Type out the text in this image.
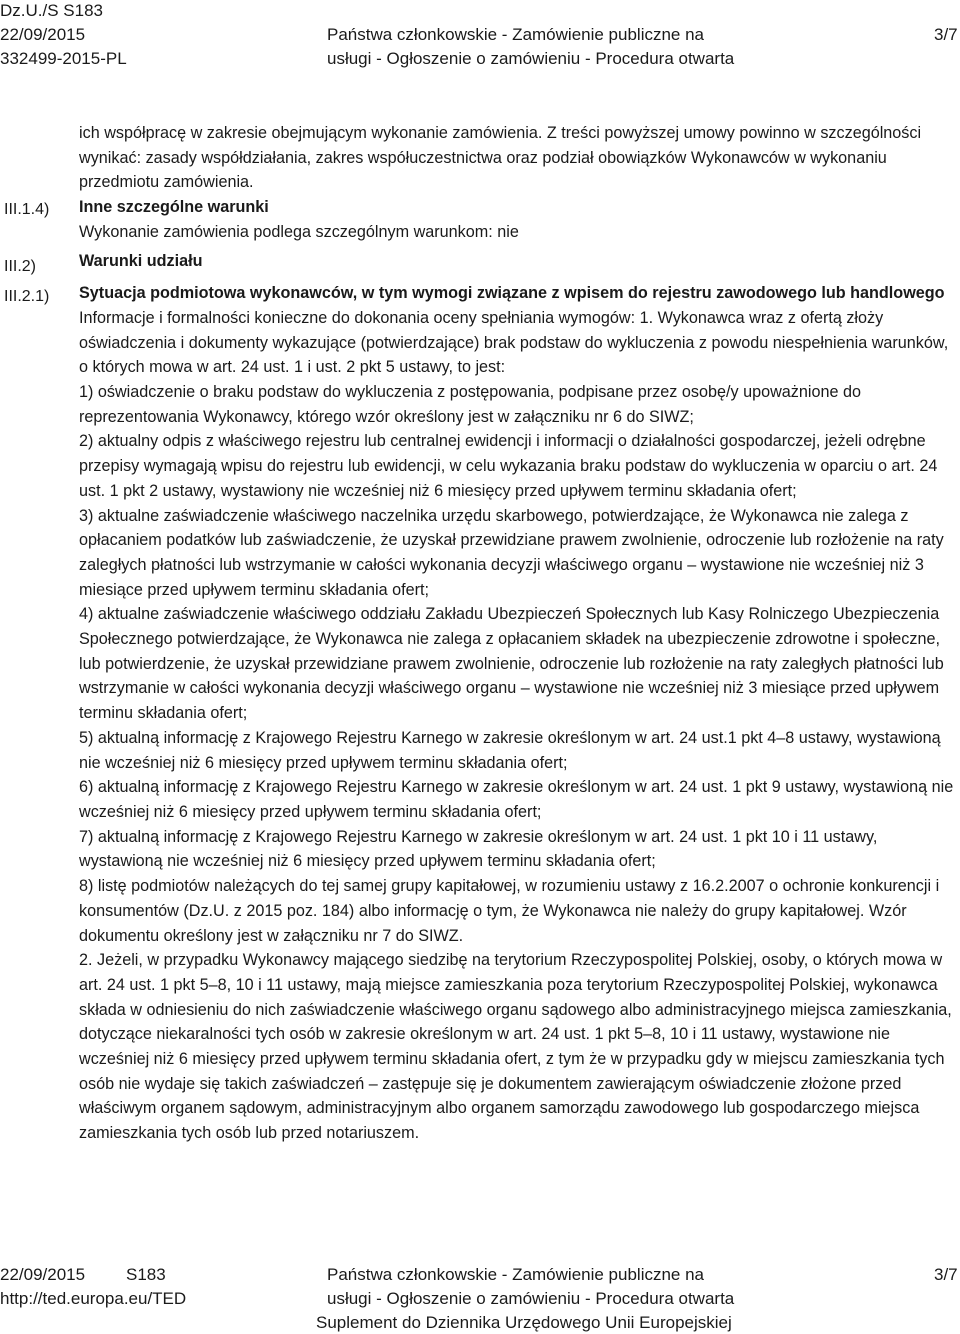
Dz.U./S S183
22/09/2015
332499-2015-PL
Państwa członkowskie - Zamówienie publiczne na
usługi - Ogłoszenie o zamówieniu - Procedura otwarta
3/7
III.1.4)
III.2)
III.2.1)

ich współpracę w zakresie obejmującym wykonanie zamówienia. Z treści powyższej umowy powinno w szczególności wynikać: zasady współdziałania, zakres współuczestnictwa oraz podział obowiązków Wykonawców w wykonaniu przedmiotu zamówienia.

Inne szczególne warunki

Wykonanie zamówienia podlega szczególnym warunkom: nie

Warunki udziału

Sytuacja podmiotowa wykonawców, w tym wymogi związane z wpisem do rejestru zawodowego lub handlowego

Informacje i formalności konieczne do dokonania oceny spełniania wymogów: 1. Wykonawca wraz z ofertą złoży oświadczenia i dokumenty wykazujące (potwierdzające) brak podstaw do wykluczenia z powodu niespełnienia warunków, o których mowa w art. 24 ust. 1 i ust. 2 pkt 5 ustawy, to jest:

1) oświadczenie o braku podstaw do wykluczenia z postępowania, podpisane przez osobę/y upoważnione do reprezentowania Wykonawcy, którego wzór określony jest w załączniku nr 6 do SIWZ;

2) aktualny odpis z właściwego rejestru lub centralnej ewidencji i informacji o działalności gospodarczej, jeżeli odrębne przepisy wymagają wpisu do rejestru lub ewidencji, w celu wykazania braku podstaw do wykluczenia w oparciu o art. 24 ust. 1 pkt 2 ustawy, wystawiony nie wcześniej niż 6 miesięcy przed upływem terminu składania ofert;

3) aktualne zaświadczenie właściwego naczelnika urzędu skarbowego, potwierdzające, że Wykonawca nie zalega z opłacaniem podatków lub zaświadczenie, że uzyskał przewidziane prawem zwolnienie, odroczenie lub rozłożenie na raty zaległych płatności lub wstrzymanie w całości wykonania decyzji właściwego organu – wystawione nie wcześniej niż 3 miesiące przed upływem terminu składania ofert;

4) aktualne zaświadczenie właściwego oddziału Zakładu Ubezpieczeń Społecznych lub Kasy Rolniczego Ubezpieczenia Społecznego potwierdzające, że Wykonawca nie zalega z opłacaniem składek na ubezpieczenie zdrowotne i społeczne, lub potwierdzenie, że uzyskał przewidziane prawem zwolnienie, odroczenie lub rozłożenie na raty zaległych płatności lub wstrzymanie w całości wykonania decyzji właściwego organu – wystawione nie wcześniej niż 3 miesiące przed upływem terminu składania ofert;

5) aktualną informację z Krajowego Rejestru Karnego w zakresie określonym w art. 24 ust.1 pkt 4–8 ustawy, wystawioną nie wcześniej niż 6 miesięcy przed upływem terminu składania ofert;

6) aktualną informację z Krajowego Rejestru Karnego w zakresie określonym w art. 24 ust. 1 pkt 9 ustawy, wystawioną nie wcześniej niż 6 miesięcy przed upływem terminu składania ofert;

7) aktualną informację z Krajowego Rejestru Karnego w zakresie określonym w art. 24 ust. 1 pkt 10 i 11 ustawy, wystawioną nie wcześniej niż 6 miesięcy przed upływem terminu składania ofert;

8) listę podmiotów należących do tej samej grupy kapitałowej, w rozumieniu ustawy z 16.2.2007 o ochronie konkurencji i konsumentów (Dz.U. z 2015 poz. 184) albo informację o tym, że Wykonawca nie należy do grupy kapitałowej. Wzór dokumentu określony jest w załączniku nr 7 do SIWZ.

2. Jeżeli, w przypadku Wykonawcy mającego siedzibę na terytorium Rzeczypospolitej Polskiej, osoby, o których mowa w art. 24 ust. 1 pkt 5–8, 10 i 11 ustawy, mają miejsce zamieszkania poza terytorium Rzeczypospolitej Polskiej, wykonawca składa w odniesieniu do nich zaświadczenie właściwego organu sądowego albo administracyjnego miejsca zamieszkania, dotyczące niekaralności tych osób w zakresie określonym w art. 24 ust. 1 pkt 5–8, 10 i 11 ustawy, wystawione nie wcześniej niż 6 miesięcy przed upływem terminu składania ofert, z tym że w przypadku gdy w miejscu zamieszkania tych osób nie wydaje się takich zaświadczeń – zastępuje się je dokumentem zawierającym oświadczenie złożone przed właściwym organem sądowym, administracyjnym albo organem samorządu zawodowego lub gospodarczego miejsca zamieszkania tych osób lub przed notariuszem.

22/09/2015 S183
http://ted.europa.eu/TED
Państwa członkowskie - Zamówienie publiczne na
usługi - Ogłoszenie o zamówieniu - Procedura otwarta
Suplement do Dziennika Urzędowego Unii Europejskiej
3/7
